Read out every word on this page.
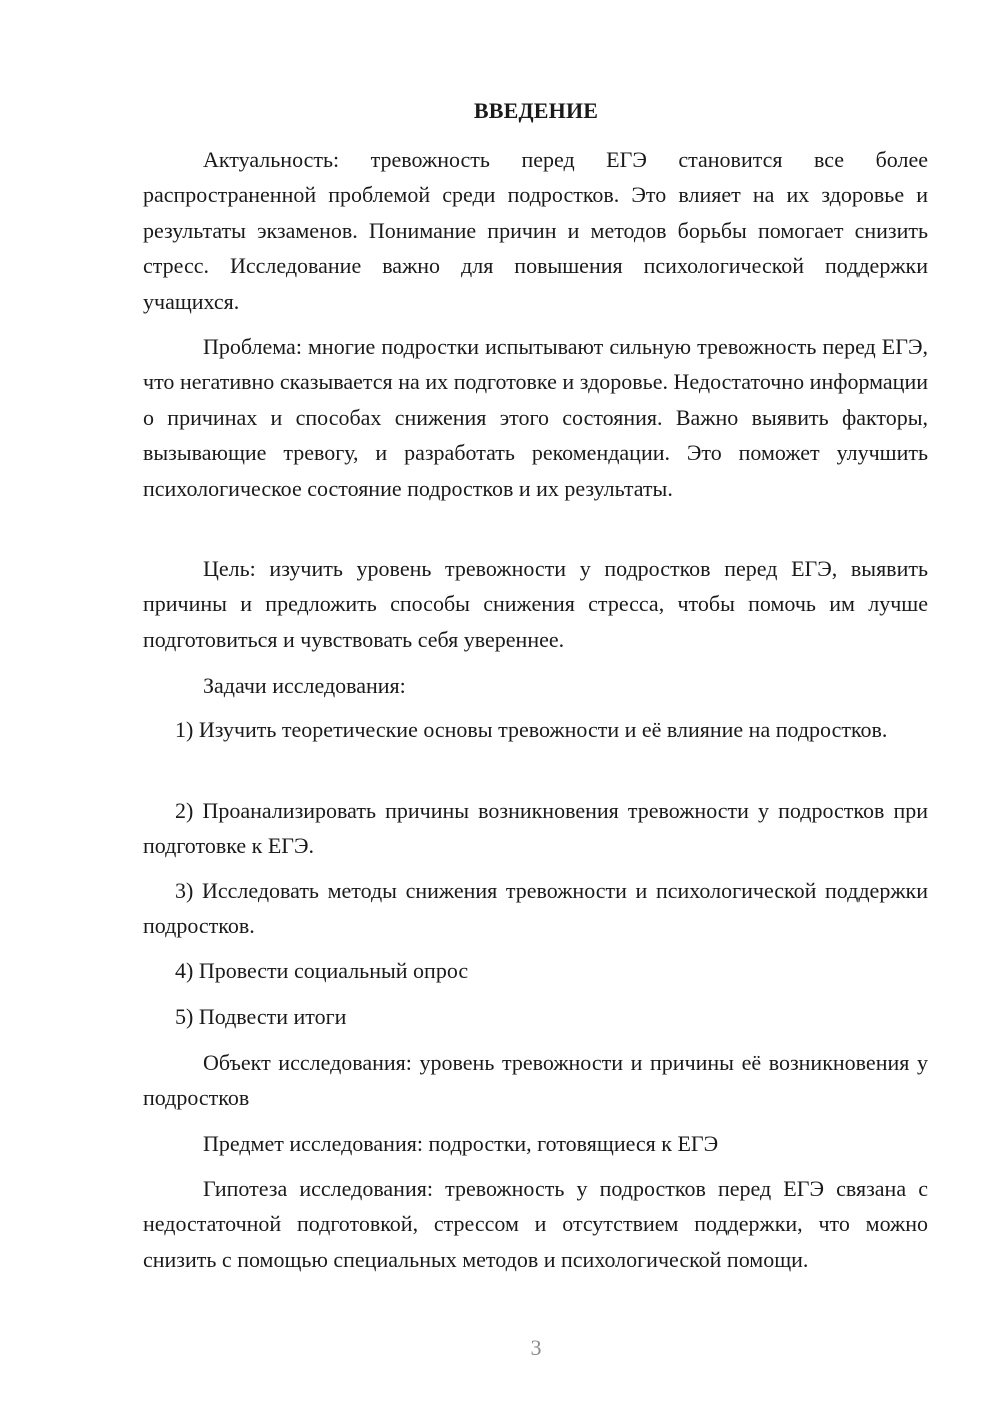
ВВЕДЕНИЕ

Актуальность: тревожность перед ЕГЭ становится все более распространенной проблемой среди подростков. Это влияет на их здоровье и результаты экзаменов. Понимание причин и методов борьбы помогает снизить стресс. Исследование важно для повышения психологической поддержки учащихся.

Проблема: многие подростки испытывают сильную тревожность перед ЕГЭ, что негативно сказывается на их подготовке и здоровье. Недостаточно информации о причинах и способах снижения этого состояния. Важно выявить факторы, вызывающие тревогу, и разработать рекомендации. Это поможет улучшить психологическое состояние подростков и их результаты.

Цель: изучить уровень тревожности у подростков перед ЕГЭ, выявить причины и предложить способы снижения стресса, чтобы помочь им лучше подготовиться и чувствовать себя увереннее.

Задачи исследования:

1) Изучить теоретические основы тревожности и её влияние на подростков.

2) Проанализировать причины возникновения тревожности у подростков при подготовке к ЕГЭ.

3) Исследовать методы снижения тревожности и психологической поддержки подростков.

4) Провести социальный опрос

5) Подвести итоги

Объект исследования: уровень тревожности и причины её возникновения у подростков

Предмет исследования: подростки, готовящиеся к ЕГЭ

Гипотеза исследования: тревожность у подростков перед ЕГЭ связана с недостаточной подготовкой, стрессом и отсутствием поддержки, что можно снизить с помощью специальных методов и психологической помощи.

3
